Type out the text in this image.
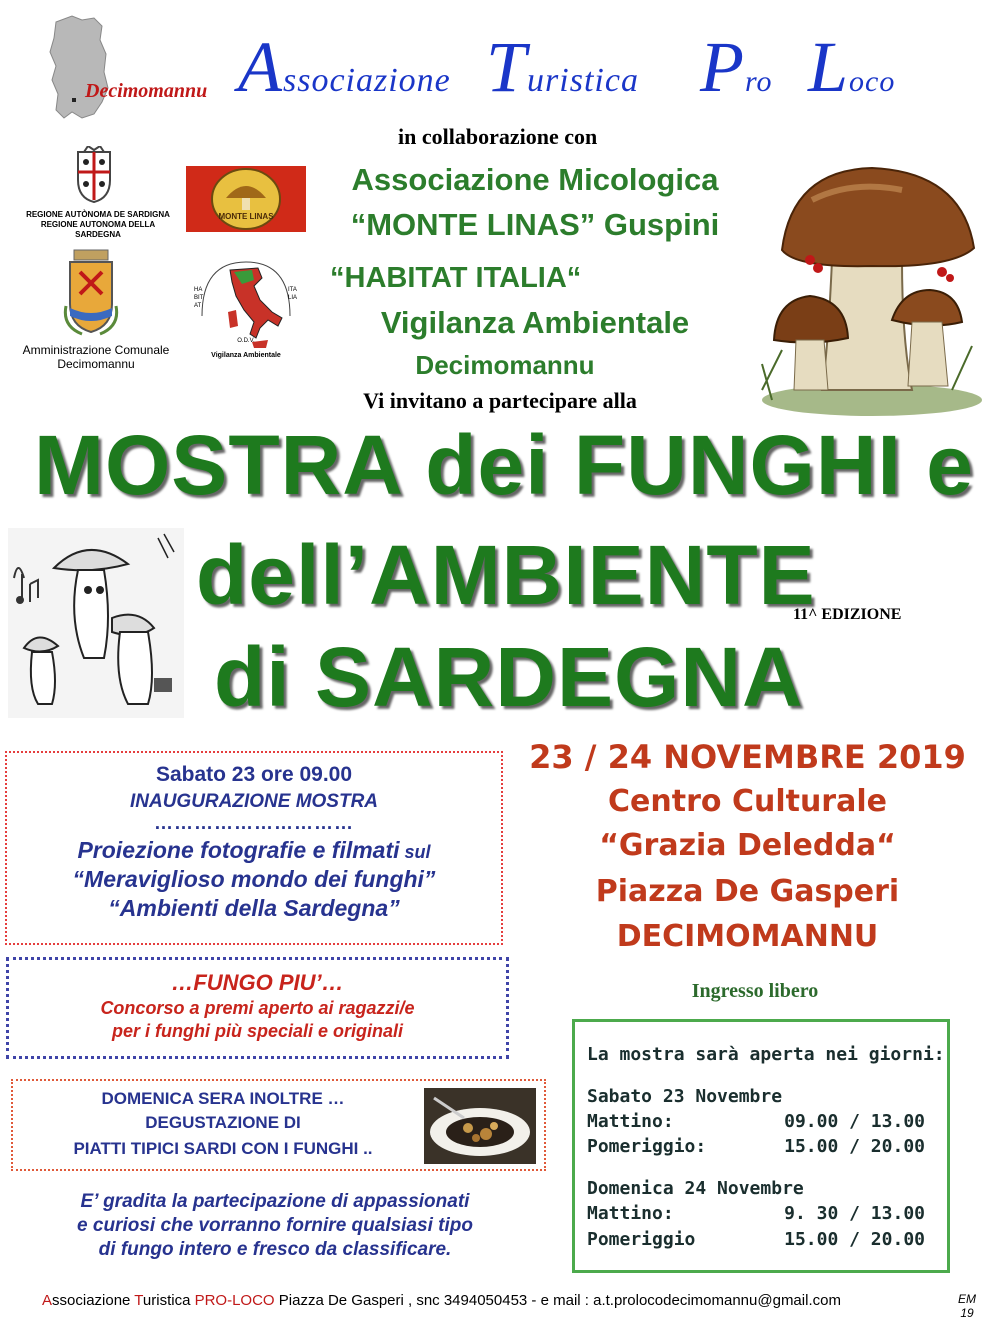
Decimomannu Associazione Turistica Pro Loco
in collaborazione con
REGIONE AUTÒNOMA DE SARDIGNA
REGIONE AUTONOMA DELLA SARDEGNA
MONTE LINAS
Amministrazione Comunale
Decimomannu
O.D.V.
Vigilanza Ambientale
HABITAT
ITALIA
Associazione Micologica
“MONTE LINAS” Guspini
“HABITAT ITALIA“
Vigilanza Ambientale
Decimomannu
Vi invitano a partecipare alla
MOSTRA dei FUNGHI e
dell’AMBIENTE
di SARDEGNA
11^ EDIZIONE
Sabato 23 ore 09.00
INAUGURAZIONE MOSTRA
…………………………
Proiezione fotografie e filmati sul
“Meraviglioso mondo dei funghi”
“Ambienti della Sardegna”
…FUNGO PIU’…
Concorso a premi aperto ai ragazzi/e
per i funghi più speciali e originali
DOMENICA SERA INOLTRE …
DEGUSTAZIONE DI
PIATTI TIPICI SARDI CON I FUNGHI ..
E’ gradita la partecipazione di appassionati
e curiosi che vorranno fornire qualsiasi tipo
di fungo intero e fresco da classificare.
23 / 24 NOVEMBRE 2019
Centro Culturale
“Grazia Deledda“
Piazza De Gasperi
DECIMOMANNU
Ingresso libero
La mostra sarà aperta nei giorni:
Sabato 23 Novembre
Mattino:	09.00 / 13.00
Pomeriggio:	15.00 / 20.00
Domenica 24 Novembre
Mattino:	9. 30 / 13.00
Pomeriggio	15.00 / 20.00
Associazione Turistica PRO-LOCO Piazza De Gasperi , snc 3494050453 - e mail : a.t.prolocodecimomannu@gmail.com	EM
19
